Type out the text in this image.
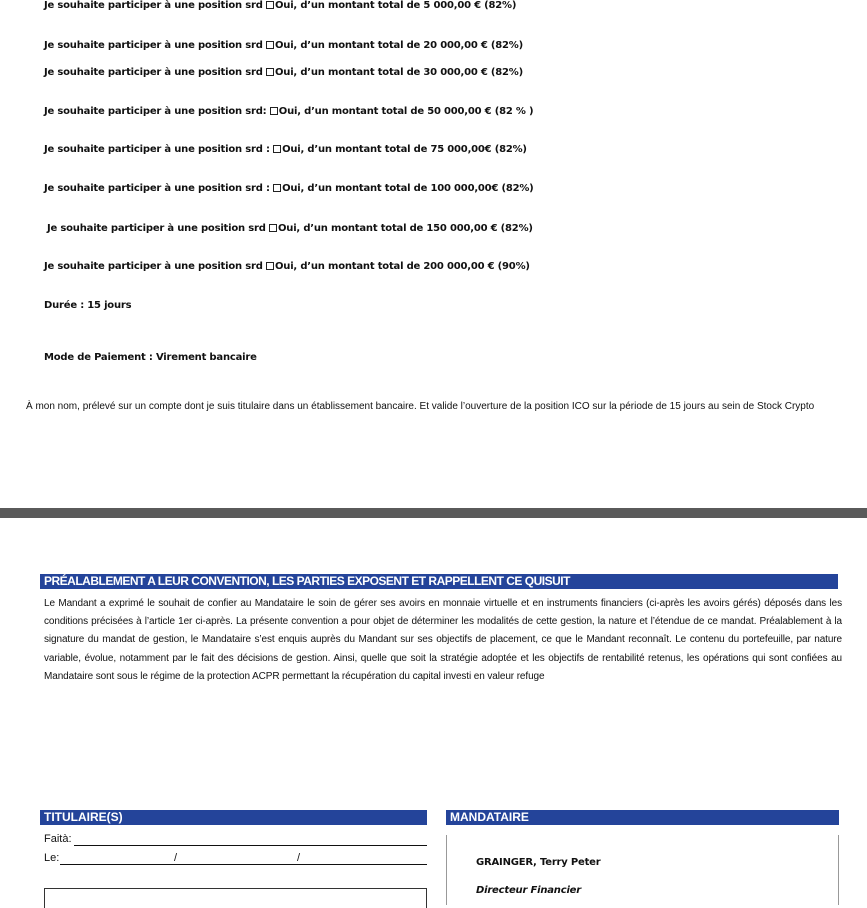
Je souhaite participer à une position srd Oui, d’un montant total de 5 000,00 € (82%)
Je souhaite participer à une position srd Oui, d’un montant total de 20 000,00 € (82%)
Je souhaite participer à une position srd Oui, d’un montant total de 30 000,00 € (82%)
Je souhaite participer à une position srd: Oui, d’un montant total de 50 000,00 € (82 % )
Je souhaite participer à une position srd : Oui, d’un montant total de 75 000,00€ (82%)
Je souhaite participer à une position srd : Oui, d’un montant total de 100 000,00€ (82%)
Je souhaite participer à une position srd Oui, d’un montant total de 150 000,00 € (82%)
Je souhaite participer à une position srd Oui, d’un montant total de 200 000,00 € (90%)
Durée : 15 jours
Mode de Paiement : Virement bancaire
À mon nom, prélevé sur un compte dont je suis titulaire dans un établissement bancaire. Et valide l’ouverture de la position ICO sur la période de 15 jours au sein de Stock Crypto
PRÉALABLEMENT A LEUR CONVENTION, LES PARTIES EXPOSENT ET RAPPELLENT CE QUISUIT
Le Mandant a exprimé le souhait de confier au Mandataire le soin de gérer ses avoirs en monnaie virtuelle et en instruments financiers (ci-après les avoirs gérés) déposés dans les conditions précisées à l’article 1er ci-après. La présente convention a pour objet de déterminer les modalités de cette gestion, la nature et l’étendue de ce mandat. Préalablement à la signature du mandat de gestion, le Mandataire s’est enquis auprès du Mandant sur ses objectifs de placement, ce que le Mandant reconnaît. Le contenu du portefeuille, par nature variable, évolue, notamment par le fait des décisions de gestion. Ainsi, quelle que soit la stratégie adoptée et les objectifs de rentabilité retenus, les opérations qui sont confiées au Mandataire sont sous le régime de la protection ACPR permettant la récupération du capital investi en valeur refuge
TITULAIRE(S)
Faità:
Le:	/	/
MANDATAIRE
GRAINGER, Terry Peter
Directeur Financier
